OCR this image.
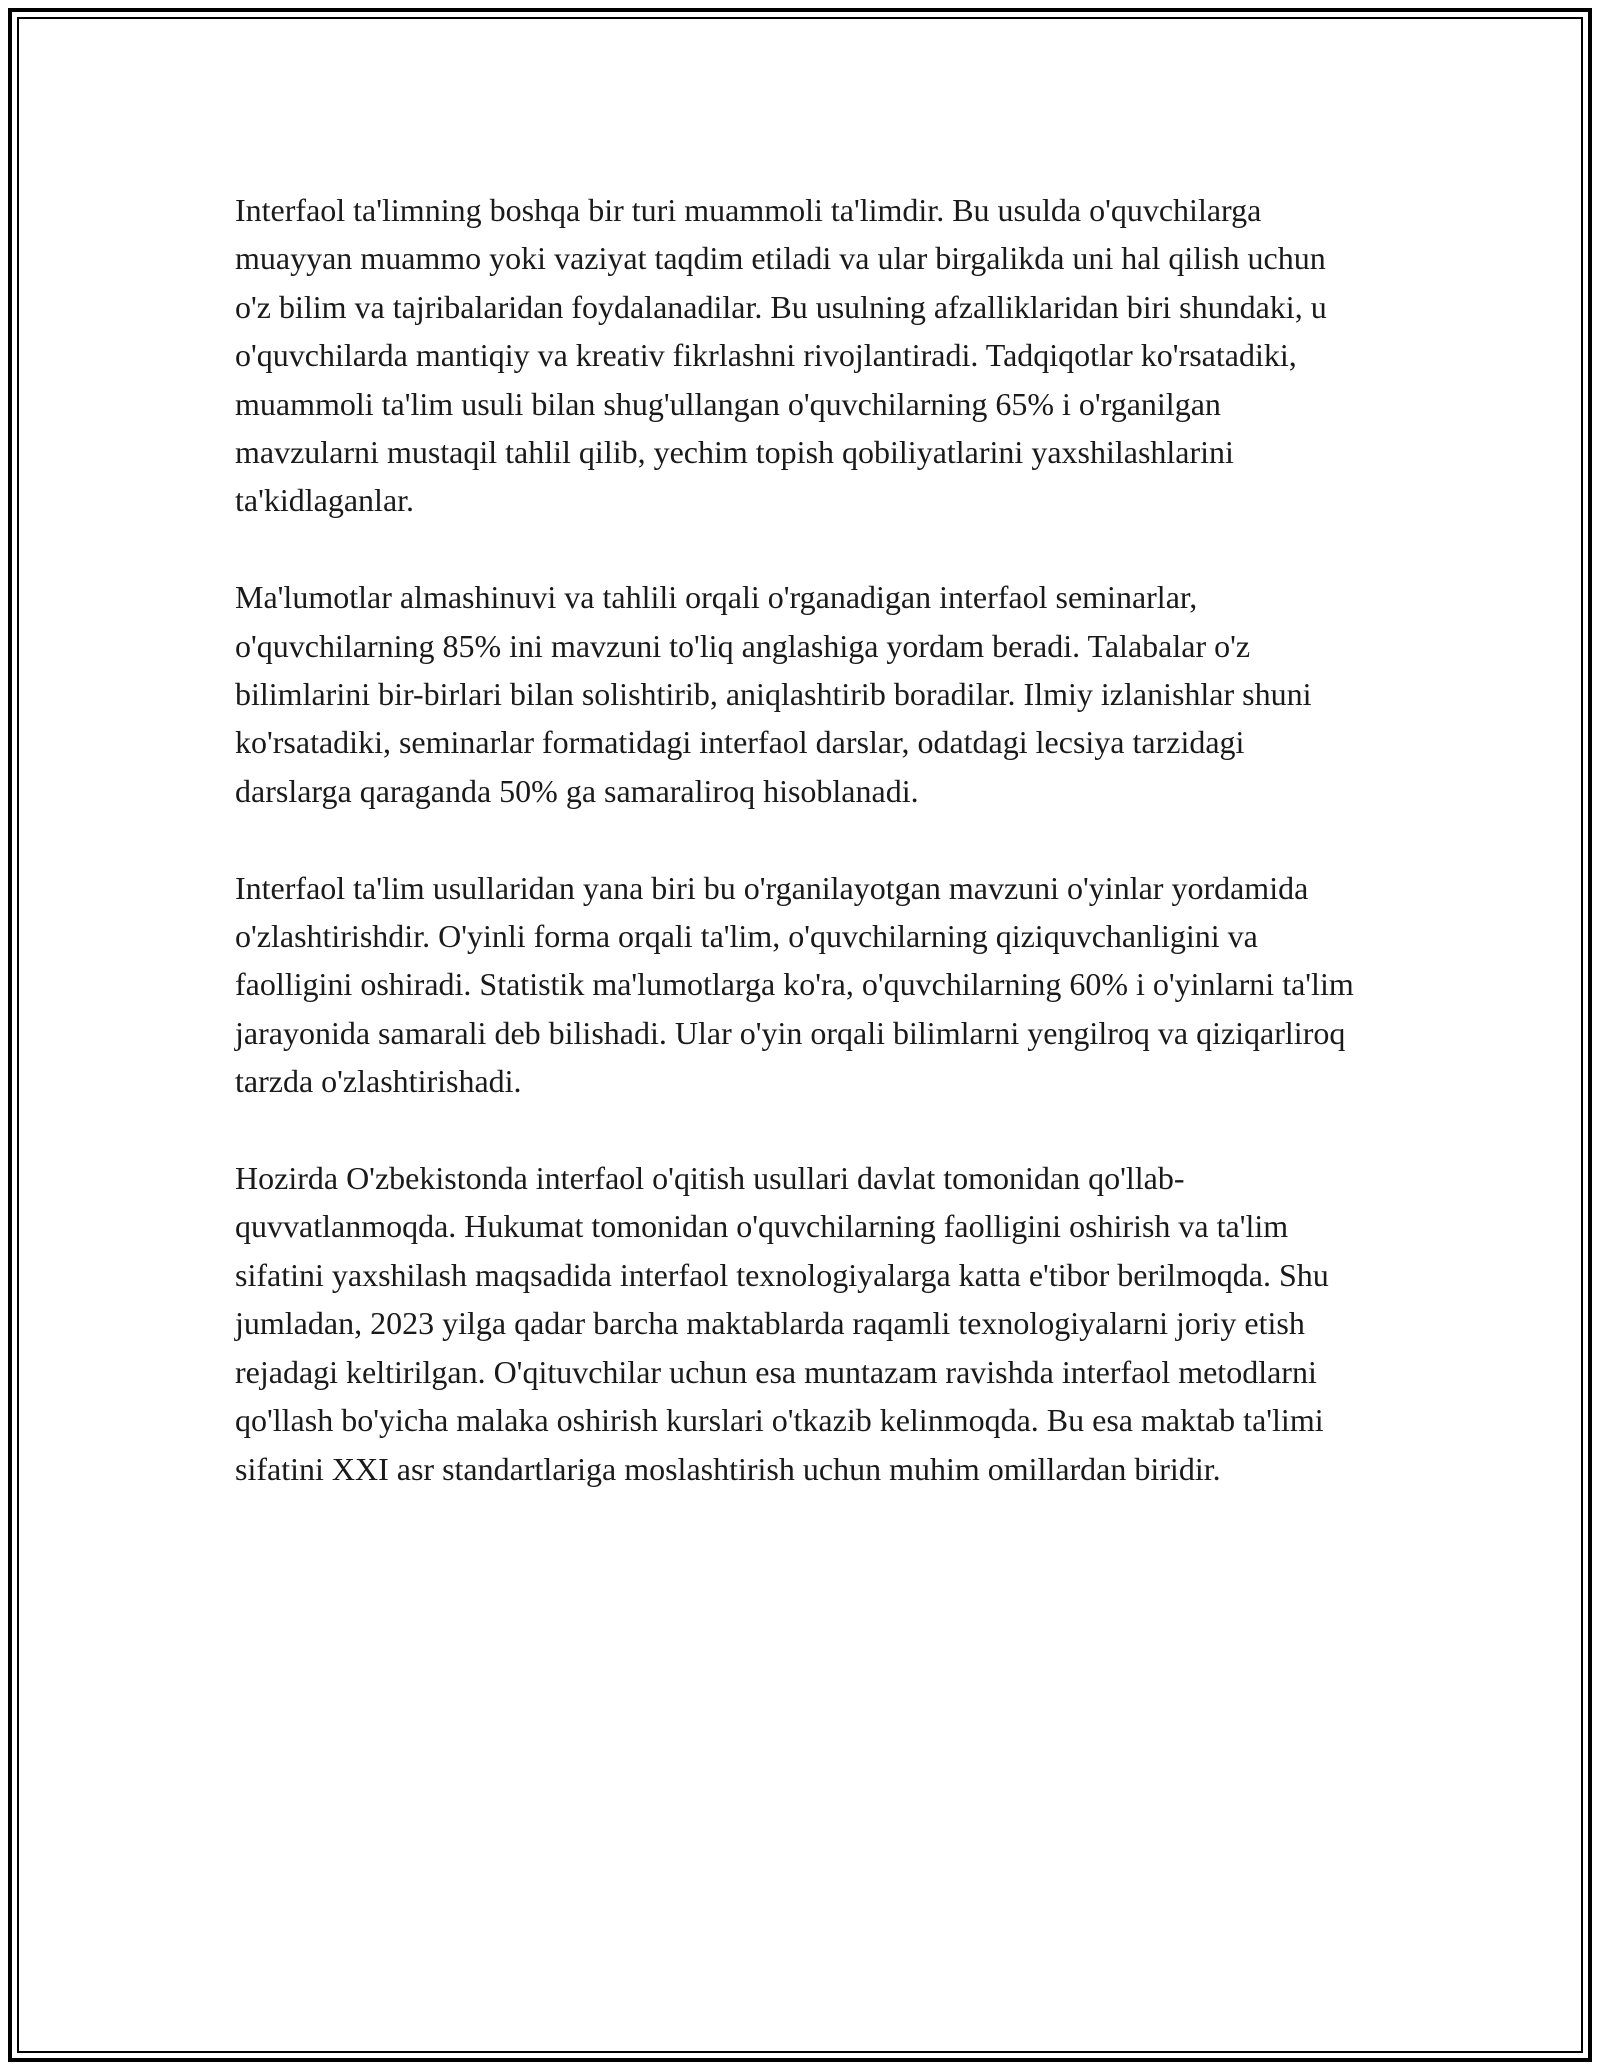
Interfaol ta'limning boshqa bir turi muammoli ta'limdir. Bu usulda o'quvchilarga muayyan muammo yoki vaziyat taqdim etiladi va ular birgalikda uni hal qilish uchun o'z bilim va tajribalaridan foydalanadilar. Bu usulning afzalliklaridan biri shundaki, u o'quvchilarda mantiqiy va kreativ fikrlashni rivojlantiradi. Tadqiqotlar ko'rsatadiki, muammoli ta'lim usuli bilan shug'ullangan o'quvchilarning 65% i o'rganilgan mavzularni mustaqil tahlil qilib, yechim topish qobiliyatlarini yaxshilashlarini ta'kidlaganlar.

Ma'lumotlar almashinuvi va tahlili orqali o'rganadigan interfaol seminarlar, o'quvchilarning 85% ini mavzuni to'liq anglashiga yordam beradi. Talabalar o'z bilimlarini bir-birlari bilan solishtirib, aniqlashtirib boradilar. Ilmiy izlanishlar shuni ko'rsatadiki, seminarlar formatidagi interfaol darslar, odatdagi lecsiya tarzidagi darslarga qaraganda 50% ga samaraliroq hisoblanadi.

Interfaol ta'lim usullaridan yana biri bu o'rganilayotgan mavzuni o'yinlar yordamida o'zlashtirishdir. O'yinli forma orqali ta'lim, o'quvchilarning qiziquvchanligini va faolligini oshiradi. Statistik ma'lumotlarga ko'ra, o'quvchilarning 60% i o'yinlarni ta'lim jarayonida samarali deb bilishadi. Ular o'yin orqali bilimlarni yengilroq va qiziqarliroq tarzda o'zlashtirishadi.

Hozirda O'zbekistonda interfaol o'qitish usullari davlat tomonidan qo'llab-quvvatlanmoqda. Hukumat tomonidan o'quvchilarning faolligini oshirish va ta'lim sifatini yaxshilash maqsadida interfaol texnologiyalarga katta e'tibor berilmoqda. Shu jumladan, 2023 yilga qadar barcha maktablarda raqamli texnologiyalarni joriy etish rejadagi keltirilgan. O'qituvchilar uchun esa muntazam ravishda interfaol metodlarni qo'llash bo'yicha malaka oshirish kurslari o'tkazib kelinmoqda. Bu esa maktab ta'limi sifatini XXI asr standartlariga moslashtirish uchun muhim omillardan biridir.
